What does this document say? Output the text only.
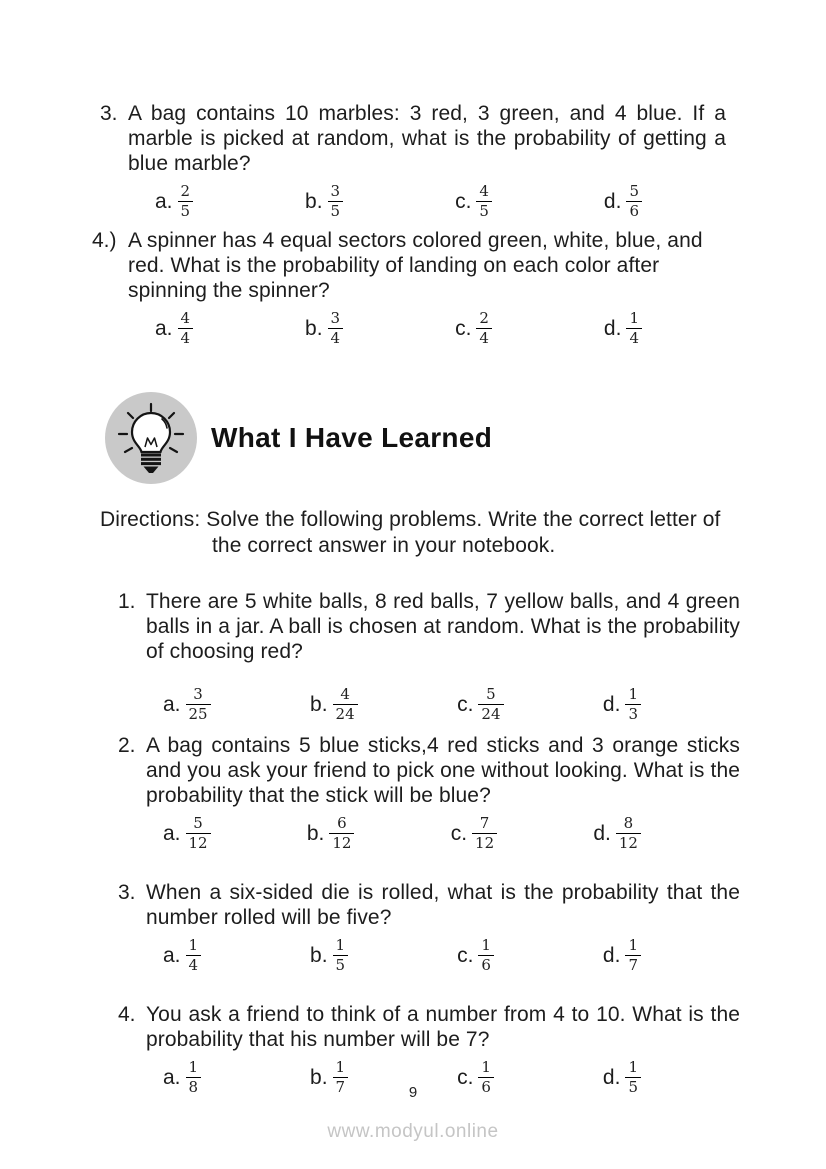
3. A bag contains 10 marbles: 3 red, 3 green, and 4 blue. If a marble is picked at random, what is the probability of getting a blue marble?
a. $\frac{2}{5}$	b. $\frac{3}{5}$	c. $\frac{4}{5}$	d. $\frac{5}{6}$
4.) A spinner has 4 equal sectors colored green, white, blue, and red. What is the probability of landing on each color after spinning the spinner?
a. $\frac{4}{4}$	b. $\frac{3}{4}$	c. $\frac{2}{4}$	d. $\frac{1}{4}$
What I Have Learned
Directions: Solve the following problems. Write the correct letter of
the correct answer in your notebook.
1. There are 5 white balls, 8 red balls, 7 yellow balls, and 4 green balls in a jar. A ball is chosen at random. What is the probability of choosing red?
a. $\frac{3}{25}$	b. $\frac{4}{24}$	c. $\frac{5}{24}$	d. $\frac{1}{3}$
2. A bag contains 5 blue sticks,4 red sticks and 3 orange sticks and you ask your friend to pick one without looking. What is the probability that the stick will be blue?
a. $\frac{5}{12}$	b. $\frac{6}{12}$	c. $\frac{7}{12}$	d. $\frac{8}{12}$
3. When a six-sided die is rolled, what is the probability that the number rolled will be five?
a. $\frac{1}{4}$	b. $\frac{1}{5}$	c. $\frac{1}{6}$	d. $\frac{1}{7}$
4. You ask a friend to think of a number from 4 to 10. What is the probability that his number will be 7?
a. $\frac{1}{8}$	b. $\frac{1}{7}$	c. $\frac{1}{6}$	d. $\frac{1}{5}$
9
www.modyul.online
